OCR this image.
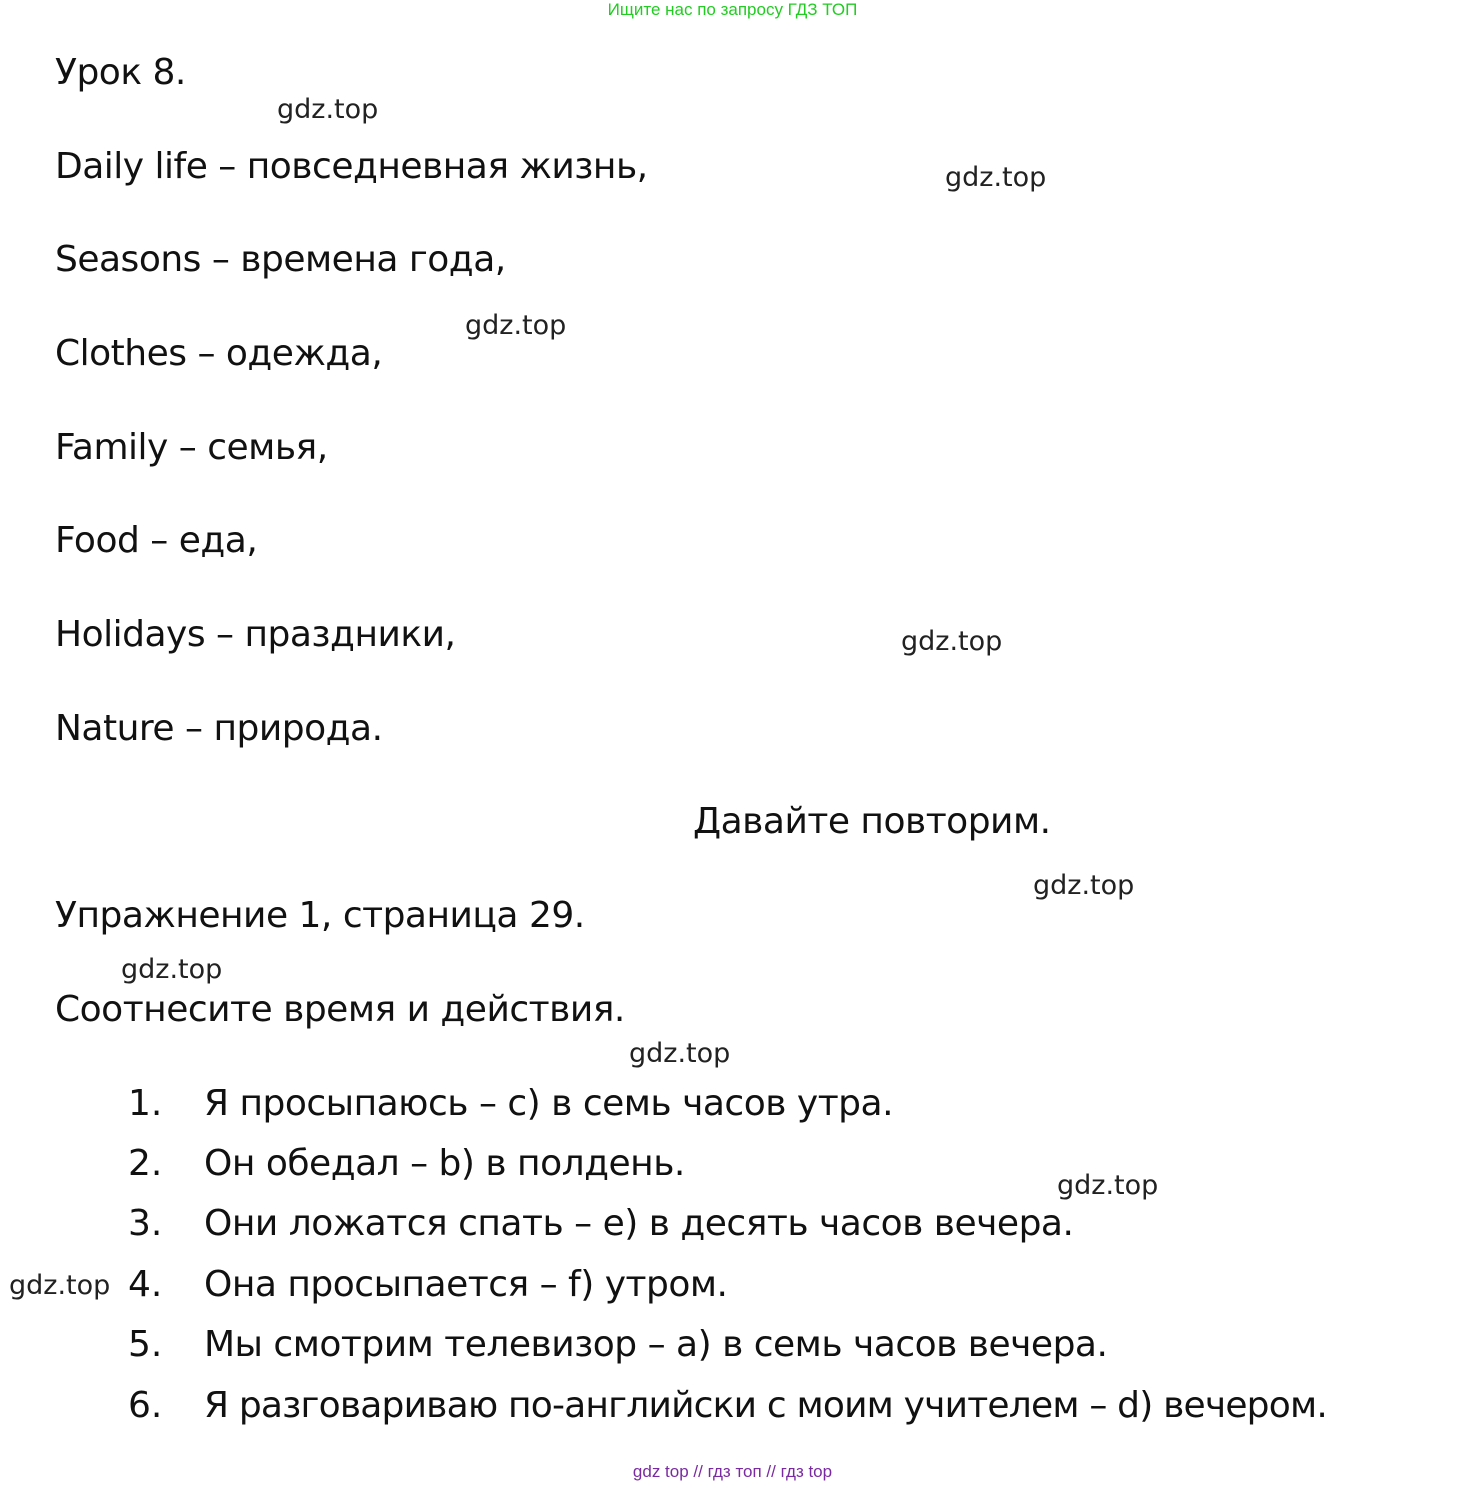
Ищите нас по запросу ГДЗ ТОП
Урок 8.
Daily life – повседневная жизнь,
Seasons – времена года,
Clothes – одежда,
Family – семья,
Food – еда,
Holidays – праздники,
Nature – природа.
Давайте повторим.
Упражнение 1, страница 29.
Соотнесите время и действия.
1. Я просыпаюсь – c) в семь часов утра.
2. Он обедал – b) в полдень.
3. Они ложатся спать – e) в десять часов вечера.
4. Она просыпается – f) утром.
5. Мы смотрим телевизор – a) в семь часов вечера.
6. Я разговариваю по-английски с моим учителем – d) вечером.
gdz.top
gdz.top
gdz.top
gdz.top
gdz.top
gdz.top
gdz.top
gdz.top
gdz.top
gdz top // гдз топ // гдз top
